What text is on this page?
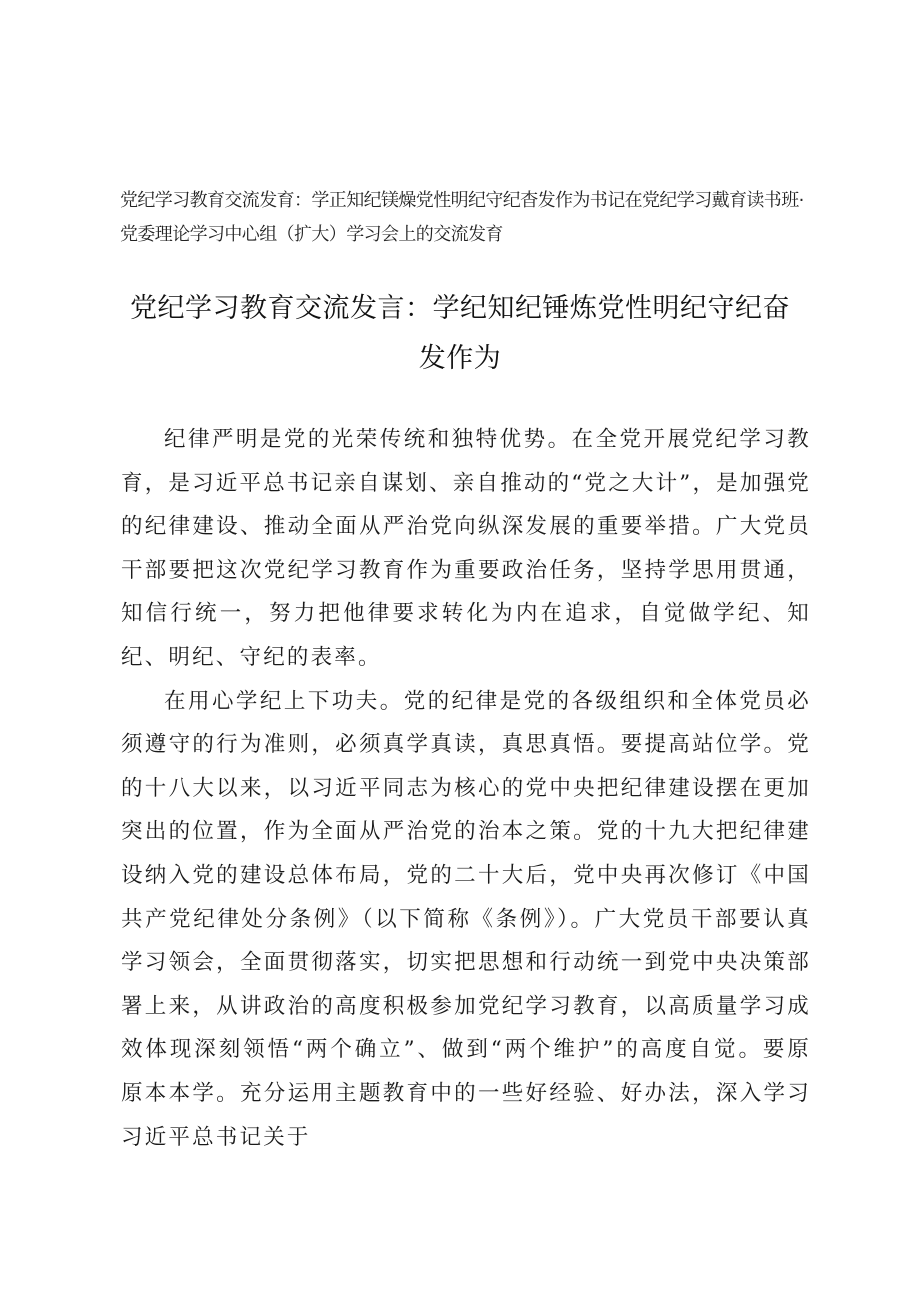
党纪学习教育交流发育：学正知纪镁燥党性明纪守纪杳发作为书记在党纪学习戴育读书班·党委理论学习中心组（扩大）学习会上的交流发育
党纪学习教育交流发言：学纪知纪锤炼党性明纪守纪奋
发作为

纪律严明是党的光荣传统和独特优势。在全党开展党纪学习教育，是习近平总书记亲自谋划、亲自推动的“党之大计”，是加强党的纪律建设、推动全面从严治党向纵深发展的重要举措。广大党员干部要把这次党纪学习教育作为重要政治任务，坚持学思用贯通，知信行统一，努力把他律要求转化为内在追求，自觉做学纪、知纪、明纪、守纪的表率。

在用心学纪上下功夫。党的纪律是党的各级组织和全体党员必须遵守的行为准则，必须真学真读，真思真悟。要提高站位学。党的十八大以来，以习近平同志为核心的党中央把纪律建设摆在更加突出的位置，作为全面从严治党的治本之策。党的十九大把纪律建设纳入党的建设总体布局，党的二十大后，党中央再次修订《中国共产党纪律处分条例》（以下简称《条例》）。广大党员干部要认真学习领会，全面贯彻落实，切实把思想和行动统一到党中央决策部署上来，从讲政治的高度积极参加党纪学习教育，以高质量学习成效体现深刻领悟“两个确立”、做到“两个维护”的高度自觉。要原原本本学。充分运用主题教育中的一些好经验、好办法，深入学习习近平总书记关于
